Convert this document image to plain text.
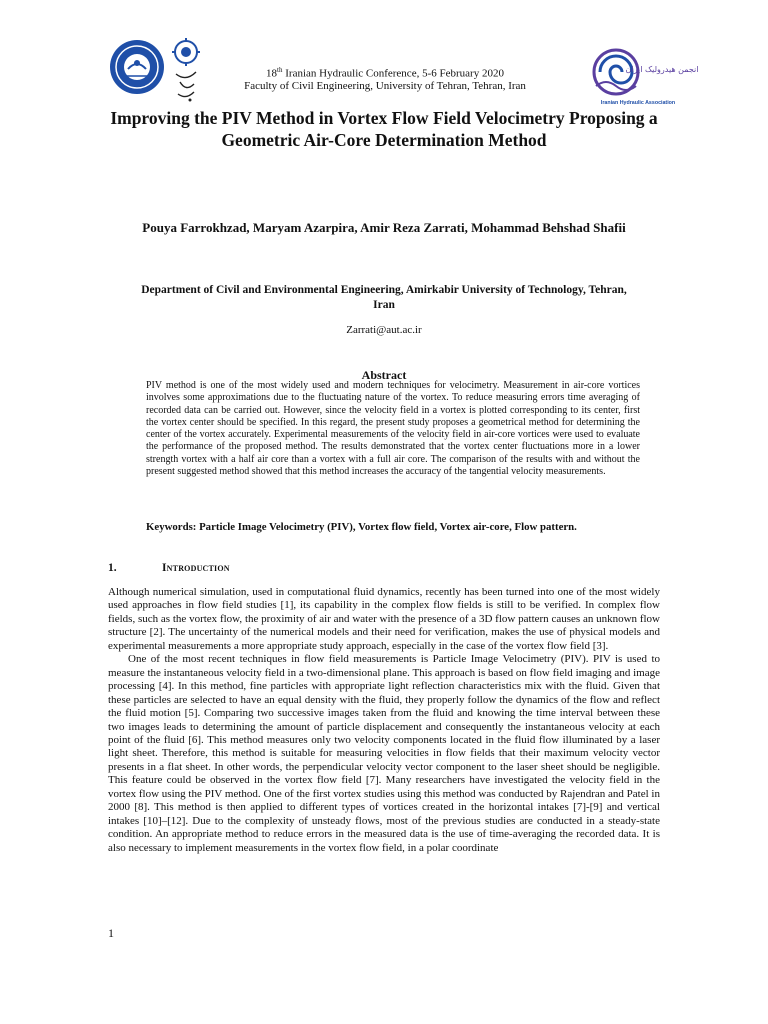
انجمن هیدرولیک ایران
Iranian Hydraulic Association
18th Iranian Hydraulic Conference, 5-6 February 2020
Faculty of Civil Engineering, University of Tehran, Tehran, Iran
Improving the PIV Method in Vortex Flow Field Velocimetry Proposing a Geometric Air-Core Determination Method
Pouya Farrokhzad, Maryam Azarpira, Amir Reza Zarrati, Mohammad Behshad Shafii
Department of Civil and Environmental Engineering, Amirkabir University of Technology, Tehran, Iran
Zarrati@aut.ac.ir
Abstract
PIV method is one of the most widely used and modern techniques for velocimetry. Measurement in air-core vortices involves some approximations due to the fluctuating nature of the vortex. To reduce measuring errors time averaging of recorded data can be carried out. However, since the velocity field in a vortex is plotted corresponding to its center, first the vortex center should be specified. In this regard, the present study proposes a geometrical method for determining the center of the vortex accurately. Experimental measurements of the velocity field in air-core vortices were used to evaluate the performance of the proposed method. The results demonstrated that the vortex center fluctuations more in a lower strength vortex with a half air core than a vortex with a full air core. The comparison of the results with and without the present suggested method showed that this method increases the accuracy of the tangential velocity measurements.
Keywords: Particle Image Velocimetry (PIV), Vortex flow field, Vortex air-core, Flow pattern.
1.	Introduction

Although numerical simulation, used in computational fluid dynamics, recently has been turned into one of the most widely used approaches in flow field studies [1], its capability in the complex flow fields is still to be verified. In complex flow fields, such as the vortex flow, the proximity of air and water with the presence of a 3D flow pattern causes an unknown flow structure [2]. The uncertainty of the numerical models and their need for verification, makes the use of physical models and experimental measurements a more appropriate study approach, especially in the case of the vortex flow field [3].

One of the most recent techniques in flow field measurements is Particle Image Velocimetry (PIV). PIV is used to measure the instantaneous velocity field in a two-dimensional plane. This approach is based on flow field imaging and image processing [4]. In this method, fine particles with appropriate light reflection characteristics mix with the fluid. Given that these particles are selected to have an equal density with the fluid, they properly follow the dynamics of the flow and reflect the fluid motion [5]. Comparing two successive images taken from the fluid and knowing the time interval between these two images leads to determining the amount of particle displacement and consequently the instantaneous velocity at each point of the fluid [6]. This method measures only two velocity components located in the fluid flow illuminated by a laser light sheet. Therefore, this method is suitable for measuring velocities in flow fields that their maximum velocity vector presents in a flat sheet. In other words, the perpendicular velocity vector component to the laser sheet should be negligible. This feature could be observed in the vortex flow field [7]. Many researchers have investigated the velocity field in the vortex flow using the PIV method. One of the first vortex studies using this method was conducted by Rajendran and Patel in 2000 [8]. This method is then applied to different types of vortices created in the horizontal intakes [7]-[9] and vertical intakes [10]–[12]. Due to the complexity of unsteady flows, most of the previous studies are conducted in a steady-state condition. An appropriate method to reduce errors in the measured data is the use of time-averaging the recorded data. It is also necessary to implement measurements in the vortex flow field, in a polar coordinate

1
